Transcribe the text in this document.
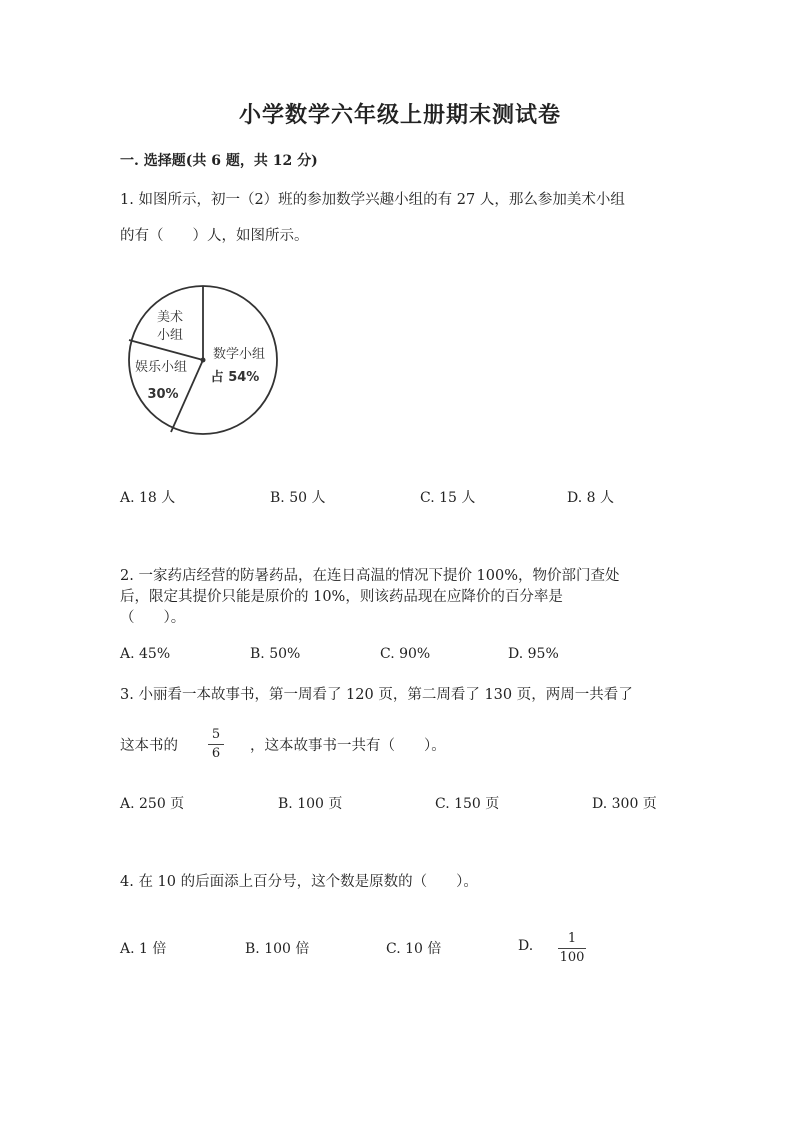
小学数学六年级上册期末测试卷
一. 选择题(共 6 题，共 12 分)
1. 如图所示，初一（2）班的参加数学兴趣小组的有 27 人，那么参加美术小组
的有（　　）人，如图所示。
美术
小组
娱乐小组
30%
数学小组
占 54%
A. 18 人	B. 50 人	C. 15 人	D. 8 人
2. 一家药店经营的防暑药品，在连日高温的情况下提价 100%，物价部门查处
后，限定其提价只能是原价的 10%，则该药品现在应降价的百分率是
（　　）。
A. 45%	B. 50%	C. 90%	D. 95%
3. 小丽看一本故事书，第一周看了 120 页，第二周看了 130 页，两周一共看了
这本书的
5
6 ，这本故事书一共有（　　）。
A. 250 页	B. 100 页	C. 150 页	D. 300 页
4. 在 10 的后面添上百分号，这个数是原数的（　　）。
A. 1 倍	B. 100 倍	C. 10 倍	D.	1
100
